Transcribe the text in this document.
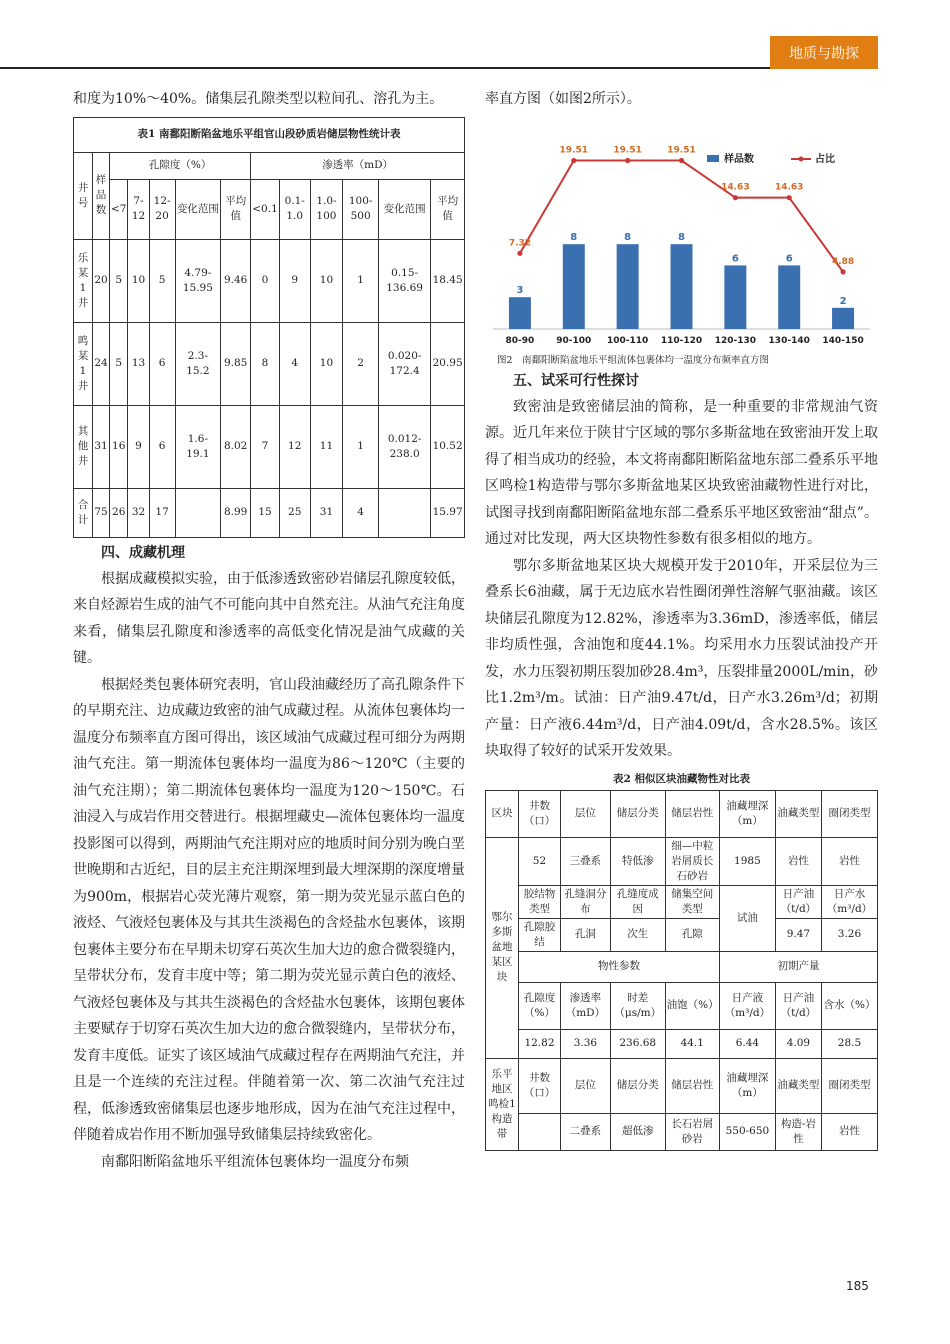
地质与勘探

和度为10%～40%。储集层孔隙类型以粒间孔、溶孔为主。

表1 南鄱阳断陷盆地乐平组官山段砂质岩储层物性统计表												
井号	样品数	孔隙度（%）					渗透率（mD）					
		<7	7-12	12-20	变化范围	平均值	<0.1	0.1-1.0	1.0-100	100-500	变化范围	平均值
乐某1井	20	5	10	5	4.79-15.95	9.46	0	9	10	1	0.15-136.69	18.45
鸣某1井	24	5	13	6	2.3-15.2	9.85	8	4	10	2	0.020-172.4	20.95
其他井	31	16	9	6	1.6-19.1	8.02	7	12	11	1	0.012-238.0	10.52
合计	75	26	32	17		8.99	15	25	31	4		15.97
四、成藏机理

根据成藏模拟实验，由于低渗透致密砂岩储层孔隙度较低，来自烃源岩生成的油气不可能向其中自然充注。从油气充注角度来看，储集层孔隙度和渗透率的高低变化情况是油气成藏的关键。

根据烃类包裹体研究表明，官山段油藏经历了高孔隙条件下的早期充注、边成藏边致密的油气成藏过程。从流体包裹体均一温度分布频率直方图可得出，该区域油气成藏过程可细分为两期油气充注。第一期流体包裹体均一温度为86～120℃（主要的油气充注期）；第二期流体包裹体均一温度为120～150℃。石油浸入与成岩作用交替进行。根据埋藏史—流体包裹体均一温度投影图可以得到，两期油气充注期对应的地质时间分别为晚白垩世晚期和古近纪，目的层主充注期深埋到最大埋深期的深度增量为900m，根据岩心荧光薄片观察，第一期为荧光显示蓝白色的液烃、气液烃包裹体及与其共生淡褐色的含烃盐水包裹体，该期包裹体主要分布在早期未切穿石英次生加大边的愈合微裂缝内，呈带状分布，发育丰度中等；第二期为荧光显示黄白色的液烃、气液烃包裹体及与其共生淡褐色的含烃盐水包裹体，该期包裹体主要赋存于切穿石英次生加大边的愈合微裂缝内，呈带状分布，发育丰度低。证实了该区域油气成藏过程存在两期油气充注，并且是一个连续的充注过程。伴随着第一次、第二次油气充注过程，低渗透致密储集层也逐步地形成，因为在油气充注过程中，伴随着成岩作用不断加强导致储集层持续致密化。

南鄱阳断陷盆地乐平组流体包裹体均一温度分布频

率直方图（如图2所示）。

样品数	占比
3
80-90
8
90-100
8
100-110
8
110-120
6
120-130
6
130-140
2
140-150
7.32
19.51	19.51	19.51
14.63	14.63
4.88
图2　南鄱阳断陷盆地乐平组流体包裹体均一温度分布频率直方图
五、试采可行性探讨

致密油是致密储层油的简称，是一种重要的非常规油气资源。近几年来位于陕甘宁区域的鄂尔多斯盆地在致密油开发上取得了相当成功的经验，本文将南鄱阳断陷盆地东部二叠系乐平地区鸣检1构造带与鄂尔多斯盆地某区块致密油藏物性进行对比，试图寻找到南鄱阳断陷盆地东部二叠系乐平地区致密油“甜点”。通过对比发现，两大区块物性参数有很多相似的地方。

鄂尔多斯盆地某区块大规模开发于2010年，开采层位为三叠系长6油藏，属于无边底水岩性圈闭弹性溶解气驱油藏。该区块储层孔隙度为12.82%，渗透率为3.36mD，渗透率低，储层非均质性强，含油饱和度44.1%。均采用水力压裂试油投产开发，水力压裂初期压裂加砂28.4m³，压裂排量2000L/min，砂比1.2m³/m。试油：日产油9.47t/d，日产水3.26m³/d；初期产量：日产液6.44m³/d，日产油4.09t/d，含水28.5%。该区块取得了较好的试采开发效果。

表2 相似区块油藏物性对比表

区块	井数（口）	层位	储层分类	储层岩性	油藏埋深（m）	油藏类型	圈闭类型
鄂尔多斯盆地某区块	52	三叠系	特低渗	细—中粒岩屑质长石砂岩	1985	岩性	岩性
	胶结物类型	孔缝洞分布	孔缝度成因	储集空间类型	试油	日产油（t/d）	日产水（m³/d）
	孔隙胶结	孔洞	次生	孔隙		9.47	3.26
	物性参数				初期产量		
	孔隙度（%）	渗透率（mD）	时差（μs/m）	油饱（%）	日产液（m³/d）	日产油（t/d）	含水（%）
	12.82	3.36	236.68	44.1	6.44	4.09	28.5
乐平地区鸣检1构造带	井数（口）	层位	储层分类	储层岩性	油藏埋深（m）	油藏类型	圈闭类型
		二叠系	超低渗	长石岩屑砂岩	550-650	构造-岩性	岩性
185
